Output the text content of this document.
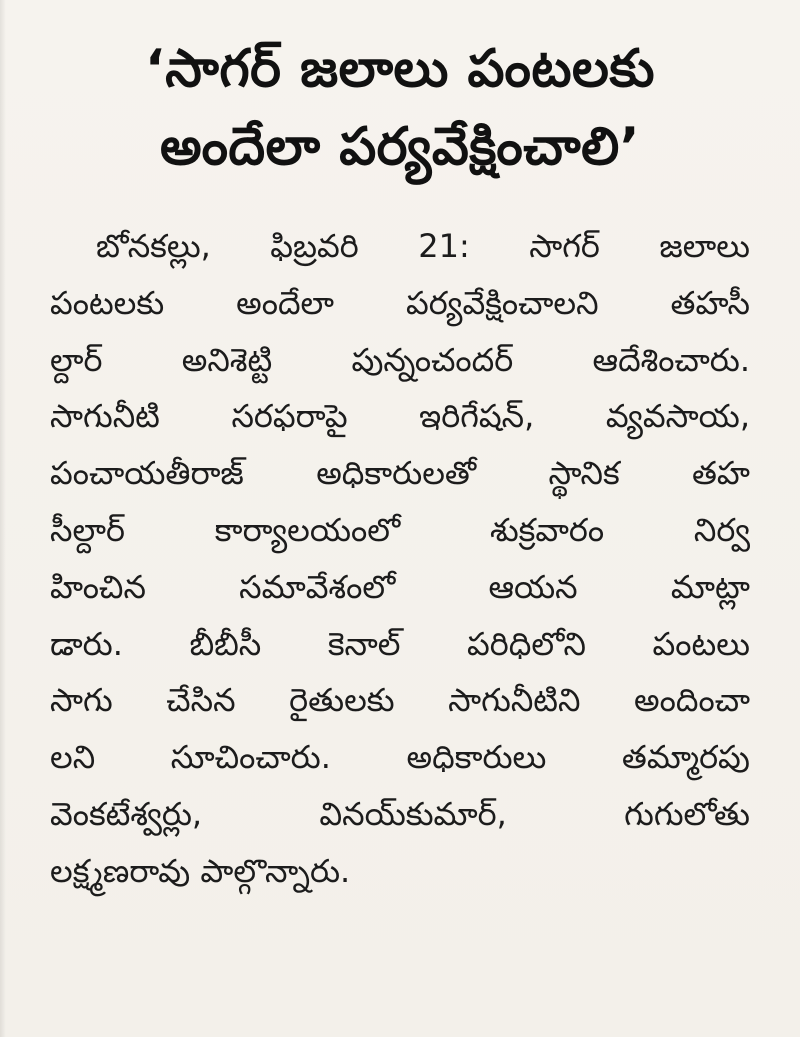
‘సాగర్ జలాలు పంటలకు
అందేలా పర్యవేక్షించాలి’
బోనకల్లు, ఫిబ్రవరి 21: సాగర్ జలాలు
పంటలకు అందేలా పర్యవేక్షించాలని తహసీ
ల్దార్ అనిశెట్టి పున్నంచందర్ ఆదేశించారు.
సాగునీటి సరఫరాపై ఇరిగేషన్, వ్యవసాయ,
పంచాయతీరాజ్ అధికారులతో స్థానిక తహ
సీల్దార్ కార్యాలయంలో శుక్రవారం నిర్వ
హించిన సమావేశంలో ఆయన మాట్లా
డారు. బీబీసీ కెనాల్ పరిధిలోని పంటలు
సాగు చేసిన రైతులకు సాగునీటిని అందించా
లని సూచించారు. అధికారులు తమ్మారపు
వెంకటేశ్వర్లు, వినయ్‌కుమార్, గుగులోతు
లక్ష్మణరావు పాల్గొన్నారు.
